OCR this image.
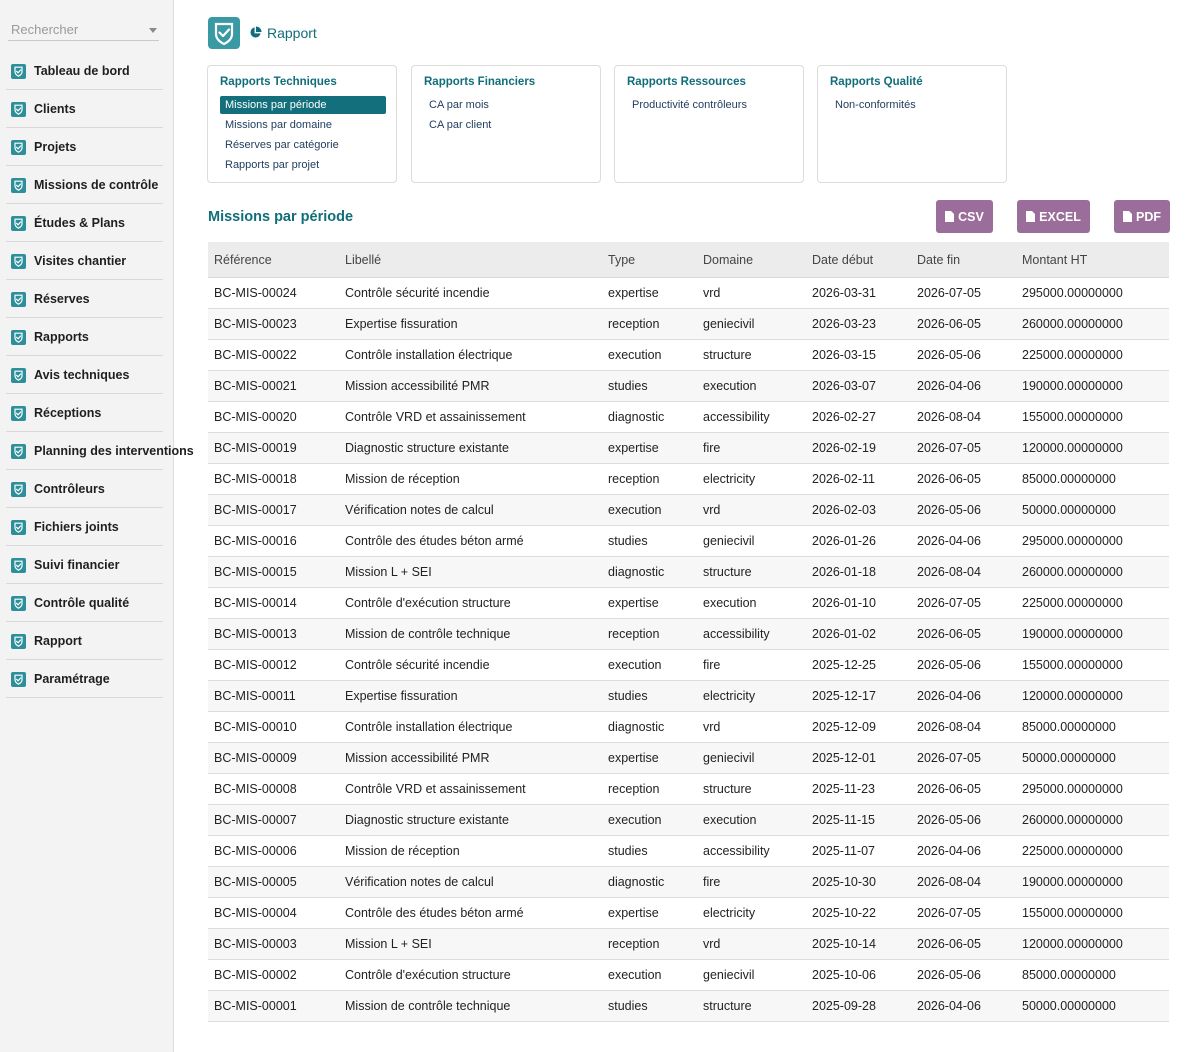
Rechercher
Tableau de bord
Clients
Projets
Missions de contrôle
Études & Plans
Visites chantier
Réserves
Rapports
Avis techniques
Réceptions
Planning des interventions
Contrôleurs
Fichiers joints
Suivi financier
Contrôle qualité
Rapport
Paramétrage
Rapport
Rapports Techniques
Missions par période
Missions par domaine
Réserves par catégorie
Rapports par projet
Rapports Financiers
CA par mois
CA par client
Rapports Ressources
Productivité contrôleurs
Rapports Qualité
Non-conformités
Missions par période	CSV	EXCEL	PDF
Référence	Libellé	Type	Domaine	Date début	Date fin	Montant HT
BC-MIS-00024	Contrôle sécurité incendie	expertise	vrd	2026-03-31	2026-07-05	295000.00000000
BC-MIS-00023	Expertise fissuration	reception	geniecivil	2026-03-23	2026-06-05	260000.00000000
BC-MIS-00022	Contrôle installation électrique	execution	structure	2026-03-15	2026-05-06	225000.00000000
BC-MIS-00021	Mission accessibilité PMR	studies	execution	2026-03-07	2026-04-06	190000.00000000
BC-MIS-00020	Contrôle VRD et assainissement	diagnostic	accessibility	2026-02-27	2026-08-04	155000.00000000
BC-MIS-00019	Diagnostic structure existante	expertise	fire	2026-02-19	2026-07-05	120000.00000000
BC-MIS-00018	Mission de réception	reception	electricity	2026-02-11	2026-06-05	85000.00000000
BC-MIS-00017	Vérification notes de calcul	execution	vrd	2026-02-03	2026-05-06	50000.00000000
BC-MIS-00016	Contrôle des études béton armé	studies	geniecivil	2026-01-26	2026-04-06	295000.00000000
BC-MIS-00015	Mission L + SEI	diagnostic	structure	2026-01-18	2026-08-04	260000.00000000
BC-MIS-00014	Contrôle d'exécution structure	expertise	execution	2026-01-10	2026-07-05	225000.00000000
BC-MIS-00013	Mission de contrôle technique	reception	accessibility	2026-01-02	2026-06-05	190000.00000000
BC-MIS-00012	Contrôle sécurité incendie	execution	fire	2025-12-25	2026-05-06	155000.00000000
BC-MIS-00011	Expertise fissuration	studies	electricity	2025-12-17	2026-04-06	120000.00000000
BC-MIS-00010	Contrôle installation électrique	diagnostic	vrd	2025-12-09	2026-08-04	85000.00000000
BC-MIS-00009	Mission accessibilité PMR	expertise	geniecivil	2025-12-01	2026-07-05	50000.00000000
BC-MIS-00008	Contrôle VRD et assainissement	reception	structure	2025-11-23	2026-06-05	295000.00000000
BC-MIS-00007	Diagnostic structure existante	execution	execution	2025-11-15	2026-05-06	260000.00000000
BC-MIS-00006	Mission de réception	studies	accessibility	2025-11-07	2026-04-06	225000.00000000
BC-MIS-00005	Vérification notes de calcul	diagnostic	fire	2025-10-30	2026-08-04	190000.00000000
BC-MIS-00004	Contrôle des études béton armé	expertise	electricity	2025-10-22	2026-07-05	155000.00000000
BC-MIS-00003	Mission L + SEI	reception	vrd	2025-10-14	2026-06-05	120000.00000000
BC-MIS-00002	Contrôle d'exécution structure	execution	geniecivil	2025-10-06	2026-05-06	85000.00000000
BC-MIS-00001	Mission de contrôle technique	studies	structure	2025-09-28	2026-04-06	50000.00000000
